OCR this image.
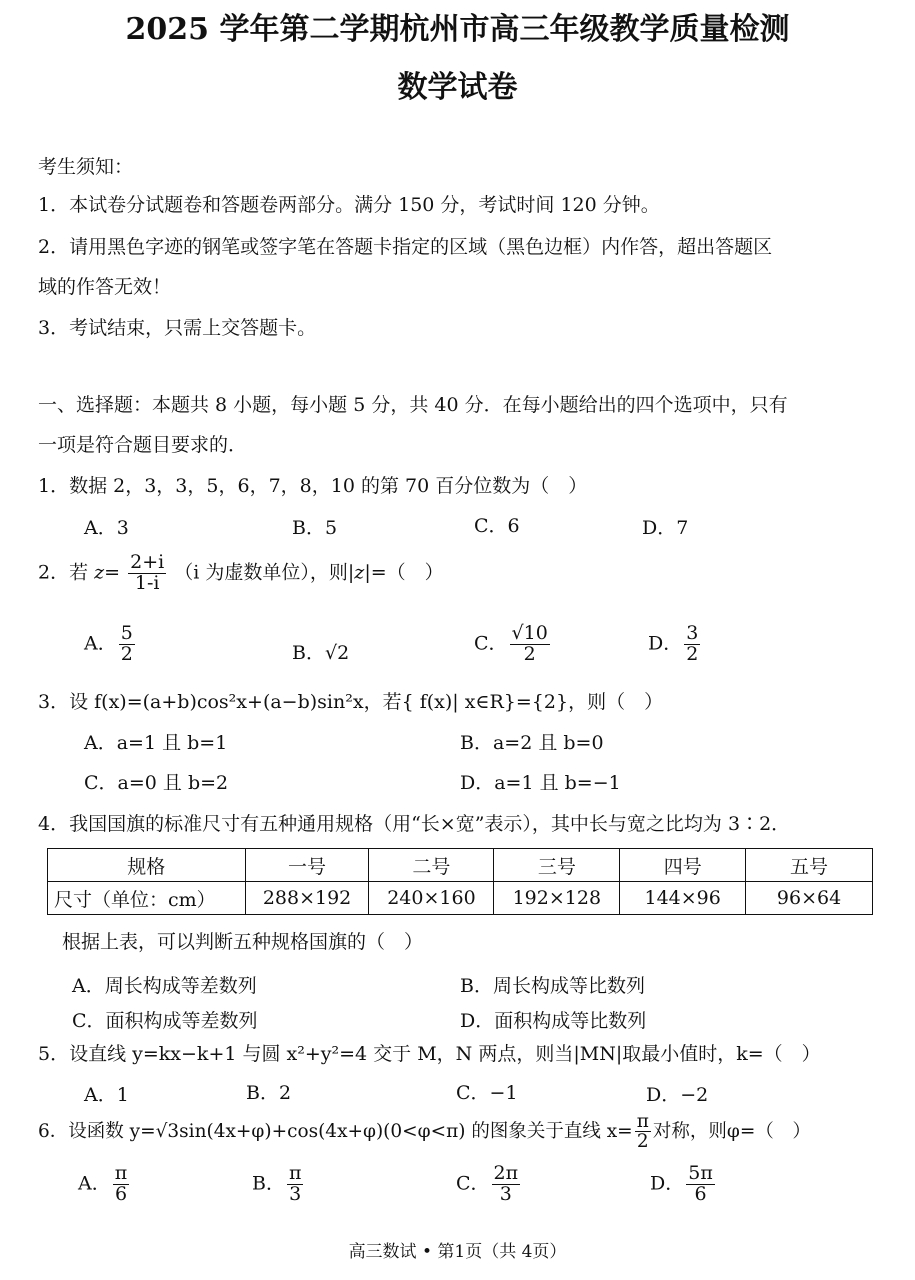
2025 学年第二学期杭州市高三年级教学质量检测
数学试卷
考生须知：
1．本试卷分试题卷和答题卷两部分。满分 150 分，考试时间 120 分钟。
2．请用黑色字迹的钢笔或签字笔在答题卡指定的区域（黑色边框）内作答，超出答题区
域的作答无效！
3．考试结束，只需上交答题卡。
一、选择题：本题共 8 小题，每小题 5 分，共 40 分．在每小题给出的四个选项中，只有
一项是符合题目要求的．
1．数据 2，3，3，5，6，7，8，10 的第 70 百分位数为（　）
A．3	B．5	C．6	D．7
2．若 $z= \frac{2+i}{1-i} (i$ 为虚数单位），则|z|=（　）
A． $\frac{5}{2}$	B．√2	C． $\frac{√10}{2}$	D． $\frac{3}{2}$
3．设 f(x)=(a+b)cos²x+(a−b)sin²x，若{ f(x)| x∈R}={2}，则（　）
A．a=1 且 b=1	B．a=2 且 b=0
C．a=0 且 b=2	D．a=1 且 b=−1
4．我国国旗的标准尺寸有五种通用规格（用“长×宽”表示），其中长与宽之比均为 3∶2．
规格	一号	二号	三号	四号	五号
尺寸（单位：cm）	288×192	240×160	192×128	144×96	96×64
根据上表，可以判断五种规格国旗的（　）
A．周长构成等差数列	B．周长构成等比数列
C．面积构成等差数列	D．面积构成等比数列
5．设直线 y=kx−k+1 与圆 x²+y²=4 交于 M，N 两点，则当|MN|取最小值时，k=（　）
A．1	B．2	C．−1	D．−2
6．设函数 y=√3sin(4x+φ)+cos(4x+φ)(0<φ<π) 的图象关于直线 $x= \frac{\pi}{2}$ 对称，则φ=（　）
A． $\frac{\pi}{6}$	B． $\frac{\pi}{3}$	C． $\frac{2\pi}{3}$	D． $\frac{5\pi}{6}$
高三数试 • 第1页（共 4页）
